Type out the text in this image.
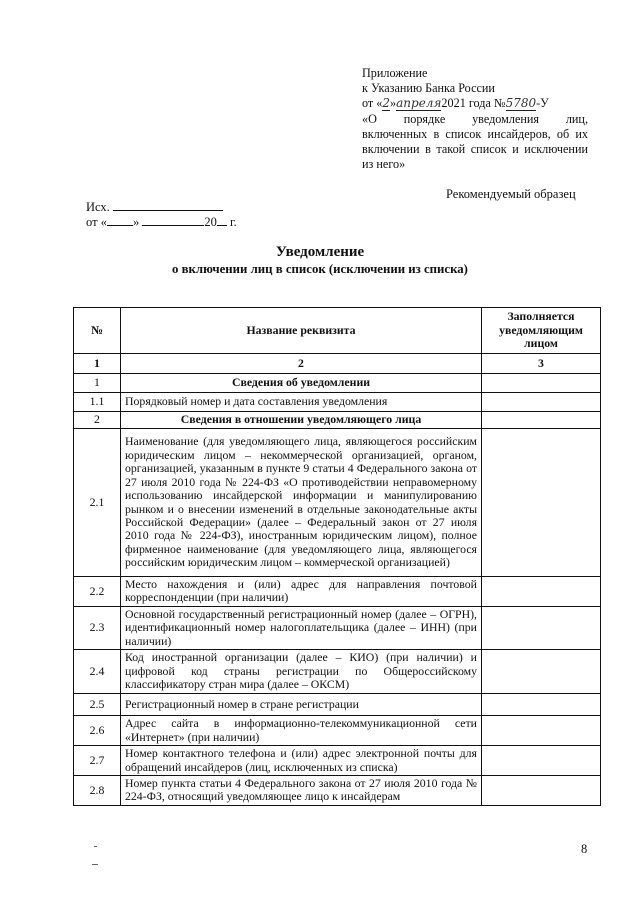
Приложение
к Указанию Банка России
от «2»апреля2021 года №5780-У
«О порядке уведомления лиц,
включенных в список инсайдеров, об их
включении в такой список и исключении
из него»
Рекомендуемый образец
Исх.
от « »	20 г.
Уведомление
о включении лиц в список (исключении из списка)
№	Название реквизита	Заполняется уведомляющим лицом
1	2	3
1	Сведения об уведомлении	
1.1	Порядковый номер и дата составления уведомления	
2	Сведения в отношении уведомляющего лица	
2.1	Наименование (для уведомляющего лица, являющегося российским юридическим лицом – некоммерческой организацией, органом, организацией, указанным в пункте 9 статьи 4 Федерального закона от 27 июля 2010 года № 224-ФЗ «О противодействии неправомерному использованию инсайдерской информации и манипулированию рынком и о внесении изменений в отдельные законодательные акты Российской Федерации» (далее – Федеральный закон от 27 июля 2010 года № 224-ФЗ), иностранным юридическим лицом), полное фирменное наименование (для уведомляющего лица, являющегося российским юридическим лицом – коммерческой организацией)	
2.2	Место нахождения и (или) адрес для направления почтовой корреспонденции (при наличии)	
2.3	Основной государственный регистрационный номер (далее – ОГРН), идентификационный номер налогоплательщика (далее – ИНН) (при наличии)	
2.4	Код иностранной организации (далее – КИО) (при наличии) и цифровой код страны регистрации по Общероссийскому классификатору стран мира (далее – ОКСМ)	
2.5	Регистрационный номер в стране регистрации	
2.6	Адрес сайта в информационно-телекоммуникационной сети «Интернет» (при наличии)	
2.7	Номер контактного телефона и (или) адрес электронной почты для обращений инсайдеров (лиц, исключенных из списка)	
2.8	Номер пункта статьи 4 Федерального закона от 27 июля 2010 года № 224-ФЗ, относящий уведомляющее лицо к инсайдерам	
8
